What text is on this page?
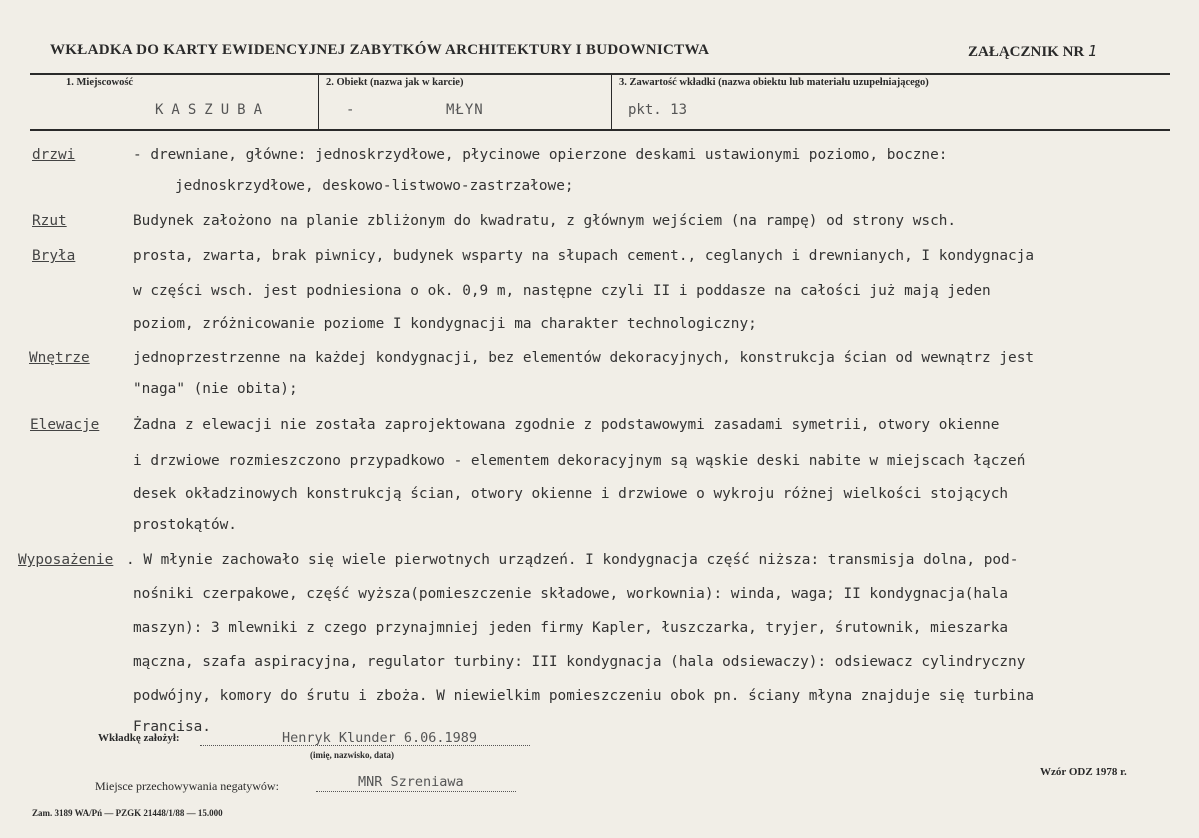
WKŁADKA DO KARTY EWIDENCYJNEJ ZABYTKÓW ARCHITEKTURY I BUDOWNICTWA	ZAŁĄCZNIK NR 1
1. Miejscowość
KASZUBA
2. Obiekt (nazwa jak w karcie)
-	MŁYN
3. Zawartość wkładki (nazwa obiektu lub materiału uzupełniającego)
pkt. 13
drzwi	- drewniane, główne: jednoskrzydłowe, płycinowe opierzone deskami ustawionymi poziomo, boczne:
jednoskrzydłowe, deskowo-listwowo-zastrzałowe;
Rzut	Budynek założono na planie zbliżonym do kwadratu, z głównym wejściem (na rampę) od strony wsch.
Bryła	prosta, zwarta, brak piwnicy, budynek wsparty na słupach cement., ceglanych i drewnianych, I kondygnacja
w części wsch. jest podniesiona o ok. 0,9 m, następne czyli II i poddasze na całości już mają jeden
poziom, zróżnicowanie poziome I kondygnacji ma charakter technologiczny;
Wnętrze	jednoprzestrzenne na każdej kondygnacji, bez elementów dekoracyjnych, konstrukcja ścian od wewnątrz jest
"naga" (nie obita);
Elewacje Żadna z elewacji nie została zaprojektowana zgodnie z podstawowymi zasadami symetrii, otwory okienne
i drzwiowe rozmieszczono przypadkowo - elementem dekoracyjnym są wąskie deski nabite w miejscach łączeń
desek okładzinowych konstrukcją ścian, otwory okienne i drzwiowe o wykroju różnej wielkości stojących
prostokątów.
Wyposażenie . W młynie zachowało się wiele pierwotnych urządzeń. I kondygnacja część niższa: transmisja dolna, pod-
nośniki czerpakowe, część wyższa(pomieszczenie składowe, workownia): winda, waga; II kondygnacja(hala
maszyn): 3 mlewniki z czego przynajmniej jeden firmy Kapler, łuszczarka, tryjer, śrutownik, mieszarka
mączna, szafa aspiracyjna, regulator turbiny: III kondygnacja (hala odsiewaczy): odsiewacz cylindryczny
podwójny, komory do śrutu i zboża. W niewielkim pomieszczeniu obok pn. ściany młyna znajduje się turbina
Francisa.
Wkładkę założył:	Henryk Klunder 6.06.1989
(imię, nazwisko, data)
Miejsce przechowywania negatywów:	MNR Szreniawa
Wzór ODZ 1978 r.
Zam. 3189 WA/Pń — PZGK 21448/1/88 — 15.000
